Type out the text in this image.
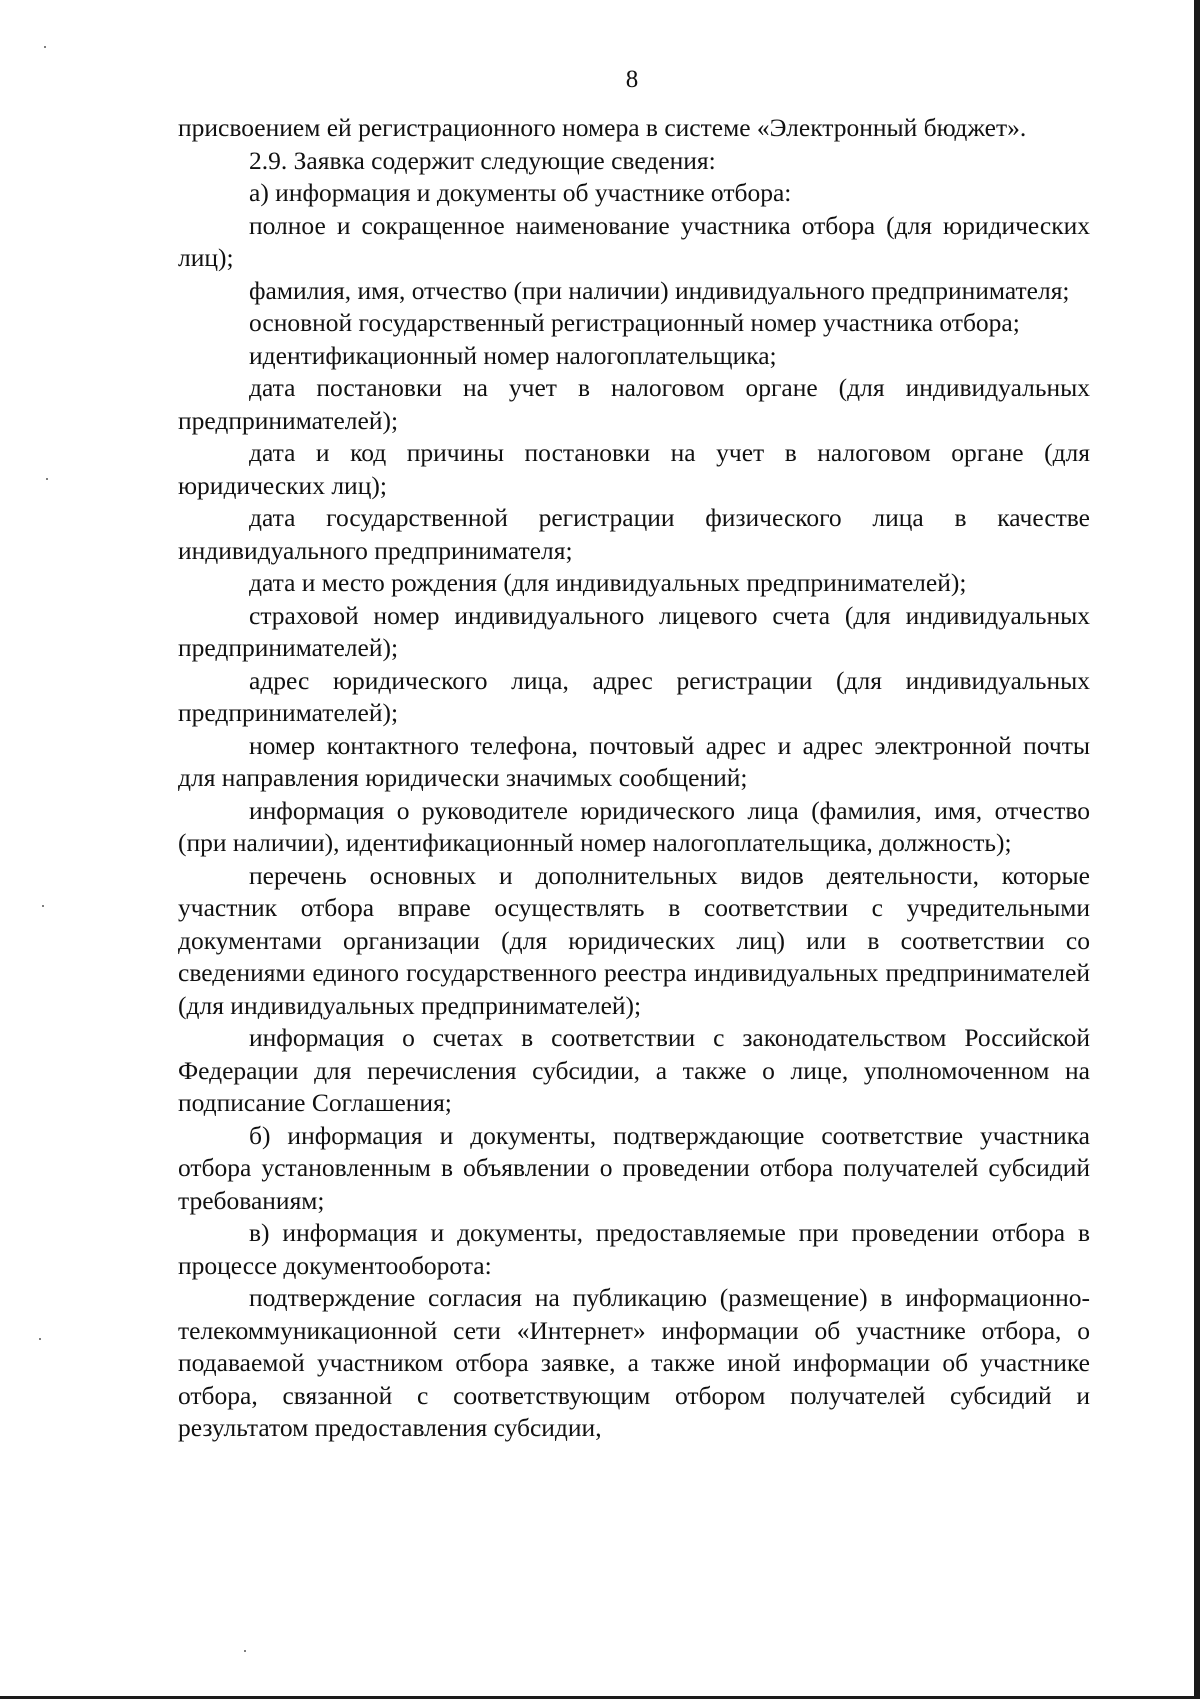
8

присвоением ей регистрационного номера в системе «Электронный бюджет».

2.9. Заявка содержит следующие сведения:

а) информация и документы об участнике отбора:

полное и сокращенное наименование участника отбора (для юридических лиц);

фамилия, имя, отчество (при наличии) индивидуального предпринимателя;

основной государственный регистрационный номер участника отбора;

идентификационный номер налогоплательщика;

дата постановки на учет в налоговом органе (для индивидуальных предпринимателей);

дата и код причины постановки на учет в налоговом органе (для юридических лиц);

дата государственной регистрации физического лица в качестве индивидуального предпринимателя;

дата и место рождения (для индивидуальных предпринимателей);

страховой номер индивидуального лицевого счета (для индивидуальных предпринимателей);

адрес юридического лица, адрес регистрации (для индивидуальных предпринимателей);

номер контактного телефона, почтовый адрес и адрес электронной почты для направления юридически значимых сообщений;

информация о руководителе юридического лица (фамилия, имя, отчество (при наличии), идентификационный номер налогоплательщика, должность);

перечень основных и дополнительных видов деятельности, которые участник отбора вправе осуществлять в соответствии с учредительными документами организации (для юридических лиц) или в соответствии со сведениями единого государственного реестра индивидуальных предпринимателей (для индивидуальных предпринимателей);

информация о счетах в соответствии с законодательством Российской Федерации для перечисления субсидии, а также о лице, уполномоченном на подписание Соглашения;

б) информация и документы, подтверждающие соответствие участника отбора установленным в объявлении о проведении отбора получателей субсидий требованиям;

в) информация и документы, предоставляемые при проведении отбора в процессе документооборота:

подтверждение согласия на публикацию (размещение) в информационно-телекоммуникационной сети «Интернет» информации об участнике отбора, о подаваемой участником отбора заявке, а также иной информации об участнике отбора, связанной с соответствующим отбором получателей субсидий и результатом предоставления субсидии,
